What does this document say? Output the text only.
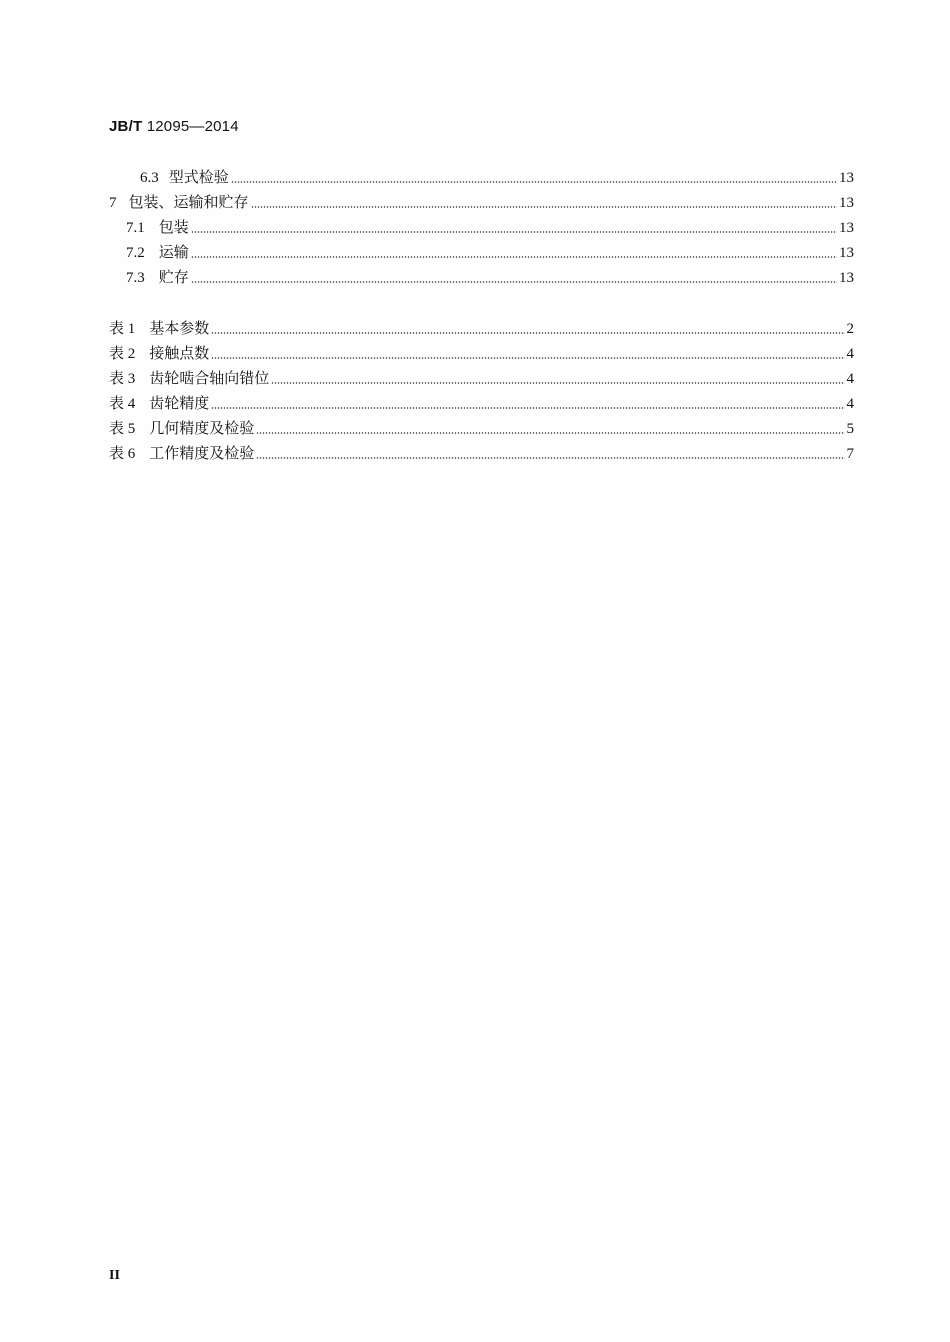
JB/T 12095—2014
6.3 型式检验	13
7 包装、运输和贮存	13
7.1 包装	13
7.2 运输	13
7.3 贮存	13
表 1 基本参数	2
表 2 接触点数	4
表 3 齿轮啮合轴向错位	4
表 4 齿轮精度	4
表 5 几何精度及检验	5
表 6 工作精度及检验	7
II
